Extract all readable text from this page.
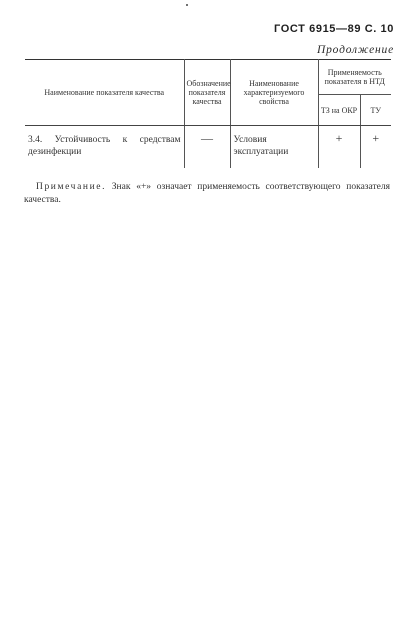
ГОСТ 6915—89 С. 10
Продолжение
Наименование показателя качества	Обозначение показателя качества	Наименование характеризуемого свойства	Применяемость показателя в НТД	
			ТЗ на ОКР	ТУ
3.4. Устойчивость к средствам дезинфекции	—	Условия эксплуатации	+	+

Примечание. Знак «+» означает применяемость соответствующего показателя качества.
